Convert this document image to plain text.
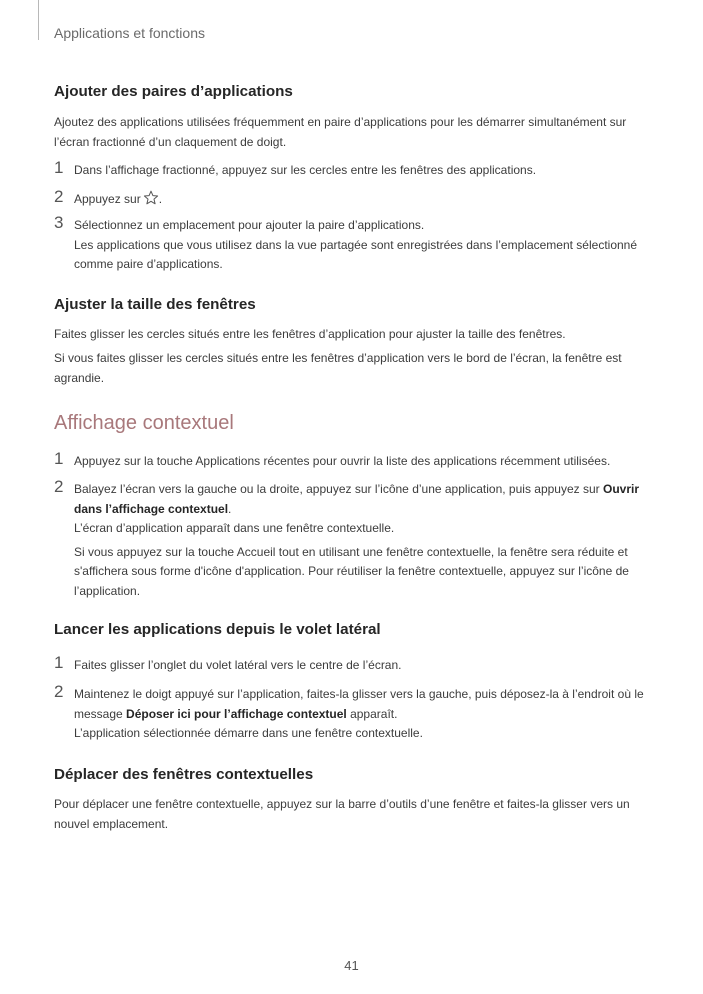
Applications et fonctions
Ajouter des paires d’applications
Ajoutez des applications utilisées fréquemment en paire d’applications pour les démarrer simultanément sur l’écran fractionné d’un claquement de doigt.
1 Dans l’affichage fractionné, appuyez sur les cercles entre les fenêtres des applications.
2 Appuyez sur .
3 Sélectionnez un emplacement pour ajouter la paire d’applications.
Les applications que vous utilisez dans la vue partagée sont enregistrées dans l’emplacement sélectionné comme paire d’applications.
Ajuster la taille des fenêtres
Faites glisser les cercles situés entre les fenêtres d’application pour ajuster la taille des fenêtres.
Si vous faites glisser les cercles situés entre les fenêtres d’application vers le bord de l’écran, la fenêtre est agrandie.
Affichage contextuel
1 Appuyez sur la touche Applications récentes pour ouvrir la liste des applications récemment utilisées.
2 Balayez l’écran vers la gauche ou la droite, appuyez sur l’icône d’une application, puis appuyez sur Ouvrir dans l’affichage contextuel.
L’écran d’application apparaît dans une fenêtre contextuelle.
Si vous appuyez sur la touche Accueil tout en utilisant une fenêtre contextuelle, la fenêtre sera réduite et s'affichera sous forme d'icône d'application. Pour réutiliser la fenêtre contextuelle, appuyez sur l’icône de l’application.
Lancer les applications depuis le volet latéral
1 Faites glisser l’onglet du volet latéral vers le centre de l’écran.
2 Maintenez le doigt appuyé sur l’application, faites-la glisser vers la gauche, puis déposez-la à l’endroit où le message Déposer ici pour l’affichage contextuel apparaît.
L’application sélectionnée démarre dans une fenêtre contextuelle.
Déplacer des fenêtres contextuelles
Pour déplacer une fenêtre contextuelle, appuyez sur la barre d’outils d’une fenêtre et faites-la glisser vers un nouvel emplacement.
41
